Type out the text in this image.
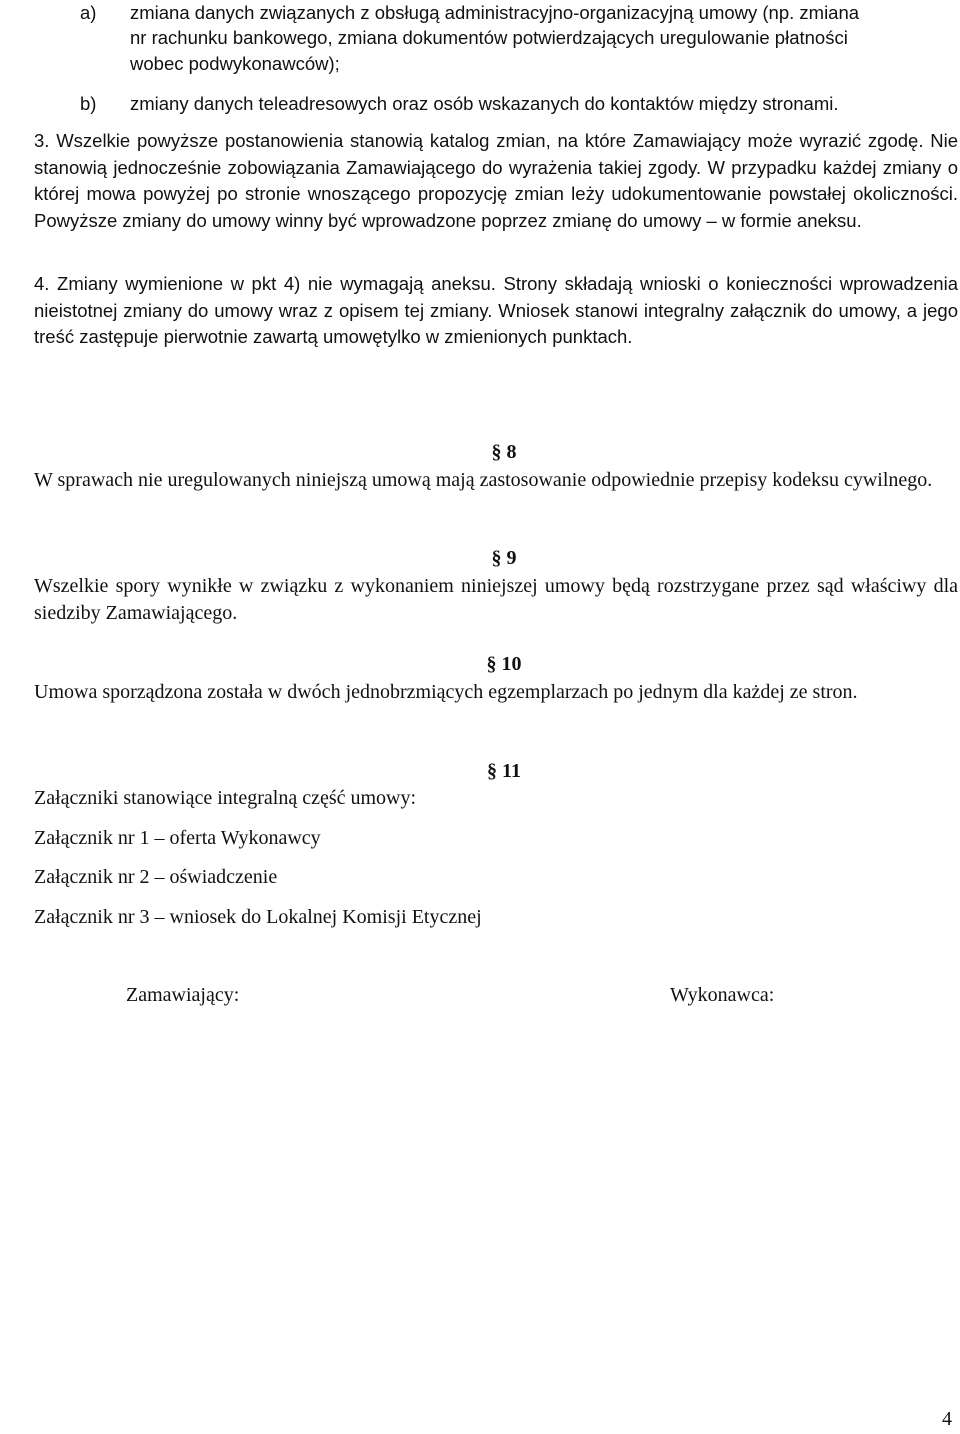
a) zmiana danych związanych z obsługą administracyjno-organizacyjną umowy (np. zmiana
nr rachunku bankowego, zmiana dokumentów potwierdzających uregulowanie płatności
wobec podwykonawców);
b) zmiany danych teleadresowych oraz osób wskazanych do kontaktów między stronami.

3. Wszelkie powyższe postanowienia stanowią katalog zmian, na które Zamawiający może wyrazić zgodę. Nie stanowią jednocześnie zobowiązania Zamawiającego do wyrażenia takiej zgody. W przypadku każdej zmiany o której mowa powyżej po stronie wnoszącego propozycję zmian leży udokumentowanie powstałej okoliczności. Powyższe zmiany do umowy winny być wprowadzone poprzez zmianę do umowy – w formie aneksu.

4. Zmiany wymienione w pkt 4) nie wymagają aneksu. Strony składają wnioski o konieczności wprowadzenia nieistotnej zmiany do umowy wraz z opisem tej zmiany. Wniosek stanowi integralny załącznik do umowy, a jego treść zastępuje pierwotnie zawartą umowętylko w zmienionych punktach.

§ 8
W sprawach nie uregulowanych niniejszą umową mają zastosowanie odpowiednie przepisy kodeksu cywilnego.
§ 9
Wszelkie spory wynikłe w związku z wykonaniem niniejszej umowy będą rozstrzygane przez sąd właściwy dla siedziby Zamawiającego.
§ 10
Umowa sporządzona została w dwóch jednobrzmiących egzemplarzach po jednym dla każdej ze stron.
§ 11
Załączniki stanowiące integralną część umowy:
Załącznik nr 1 – oferta Wykonawcy
Załącznik nr 2 – oświadczenie
Załącznik nr 3 – wniosek do Lokalnej Komisji Etycznej
Zamawiający:	Wykonawca:
4
